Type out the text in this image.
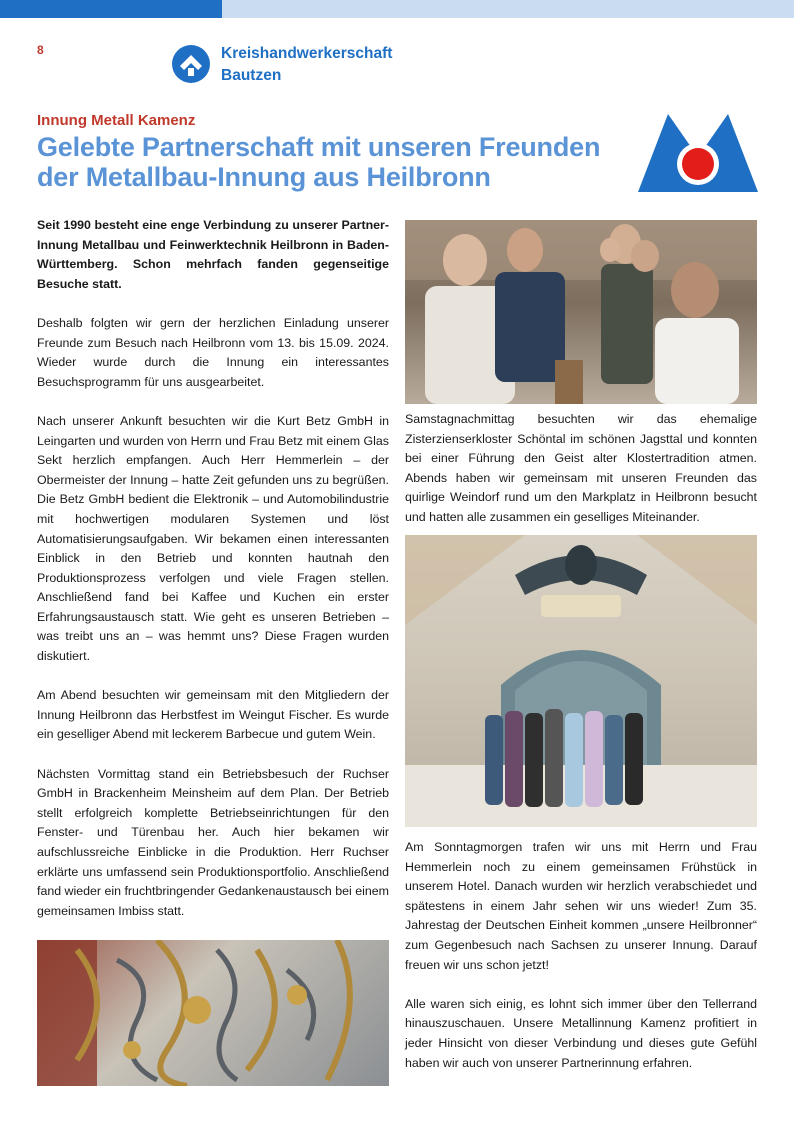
8	Kreishandwerkerschaft
Bautzen
Innung Metall Kamenz
Gelebte Partnerschaft mit unseren Freunden
der Metallbau-Innung aus Heilbronn

Seit 1990 besteht eine enge Verbindung zu unserer Partner-Innung Metallbau und Feinwerktechnik Heilbronn in Baden-Württemberg. Schon mehrfach fanden gegenseitige Besuche statt.

Deshalb folgten wir gern der herzlichen Einladung unserer Freunde zum Besuch nach Heilbronn vom 13. bis 15.09. 2024. Wieder wurde durch die Innung ein interessantes Besuchsprogramm für uns ausgearbeitet.

Nach unserer Ankunft besuchten wir die Kurt Betz GmbH in Leingarten und wurden von Herrn und Frau Betz mit einem Glas Sekt herzlich empfangen. Auch Herr Hemmerlein – der Obermeister der Innung – hatte Zeit gefunden uns zu begrüßen. Die Betz GmbH bedient die Elektronik – und Automobilindustrie mit hochwertigen modularen Systemen und löst Automatisierungsaufgaben. Wir bekamen einen interessanten Einblick in den Betrieb und konnten hautnah den Produktionsprozess verfolgen und viele Fragen stellen. Anschließend fand bei Kaffee und Kuchen ein erster Erfahrungsaustausch statt. Wie geht es unseren Betrieben – was treibt uns an – was hemmt uns? Diese Fragen wurden diskutiert.

Am Abend besuchten wir gemeinsam mit den Mitgliedern der Innung Heilbronn das Herbstfest im Weingut Fischer. Es wurde ein geselliger Abend mit leckerem Barbecue und gutem Wein.

Nächsten Vormittag stand ein Betriebsbesuch der Ruchser GmbH in Brackenheim Meinsheim auf dem Plan. Der Betrieb stellt erfolgreich komplette Betriebseinrichtungen für den Fenster- und Türenbau her. Auch hier bekamen wir aufschlussreiche Einblicke in die Produktion. Herr Ruchser erklärte uns umfassend sein Produktionsportfolio. Anschließend fand wieder ein fruchtbringender Gedankenaustausch bei einem gemeinsamen Imbiss statt.

Samstagnachmittag besuchten wir das ehemalige Zisterzienserkloster Schöntal im schönen Jagsttal und konnten bei einer Führung den Geist alter Klostertradition atmen. Abends haben wir gemeinsam mit unseren Freunden das quirlige Weindorf rund um den Markplatz in Heilbronn besucht und hatten alle zusammen ein geselliges Miteinander.

Am Sonntagmorgen trafen wir uns mit Herrn und Frau Hemmerlein noch zu einem gemeinsamen Frühstück in unserem Hotel. Danach wurden wir herzlich verabschiedet und spätestens in einem Jahr sehen wir uns wieder! Zum 35. Jahrestag der Deutschen Einheit kommen „unsere Heilbronner“ zum Gegenbesuch nach Sachsen zu unserer Innung. Darauf freuen wir uns schon jetzt!

Alle waren sich einig, es lohnt sich immer über den Tellerrand hinauszuschauen. Unsere Metallinnung Kamenz profitiert in jeder Hinsicht von dieser Verbindung und dieses gute Gefühl haben wir auch von unserer Partnerinnung erfahren.
